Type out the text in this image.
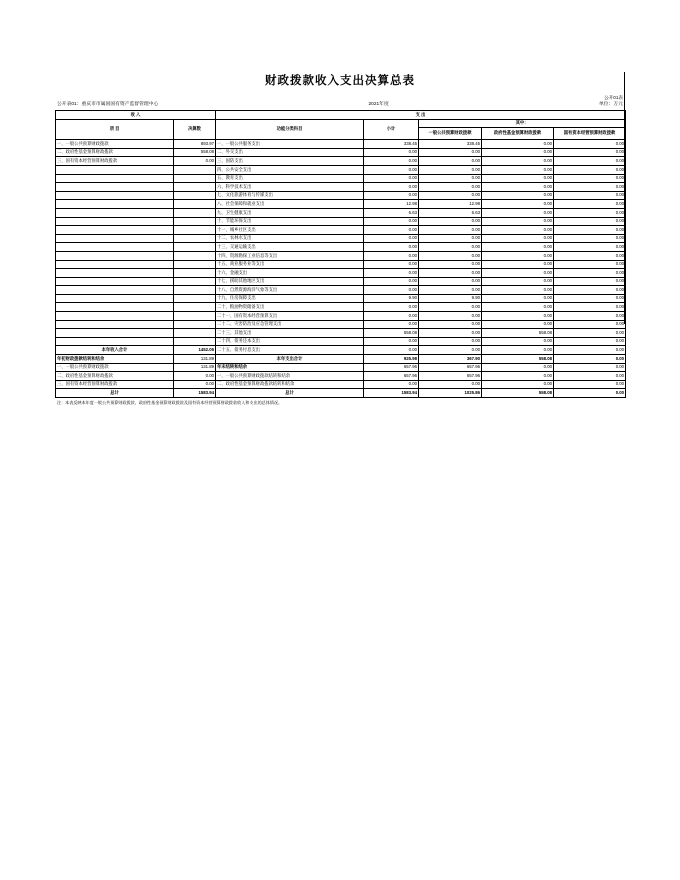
财政拨款收入支出决算总表
公开01表
公开表01：重庆市市属国国有资产监督管理中心	2021年度	单位：万元
收 入		支 出				
项 目	决算数	功能分类科目	小计	其中：		
				一般公共预算财政拨款	政府性基金预算财政拨款	国有资本经营预算财政拨款
一、一般公共预算财政拨款	893.97	一、一般公共服务支出	338.45	338.45	0.00	0.00
二、政府性基金预算财政拨款	558.08	二、外交支出	0.00	0.00	0.00	0.00
三、国有资本经营预算财政拨款	0.00	三、国防支出	0.00	0.00	0.00	0.00
		四、公共安全支出	0.00	0.00	0.00	0.00
		五、教育支出	0.00	0.00	0.00	0.00
		六、科学技术支出	0.00	0.00	0.00	0.00
		七、文化旅游体育与传媒支出	0.00	0.00	0.00	0.00
		八、社会保障和就业支出	12.98	12.98	0.00	0.00
		九、卫生健康支出	6.63	6.63	0.00	0.00
		十、节能环保支出	0.00	0.00	0.00	0.00
		十一、城乡社区支出	0.00	0.00	0.00	0.00
		十二、农林水支出	0.00	0.00	0.00	0.00
		十三、交通运输支出	0.00	0.00	0.00	0.00
		十四、资源勘探工业信息等支出	0.00	0.00	0.00	0.00
		十五、商业服务业等支出	0.00	0.00	0.00	0.00
		十六、金融支出	0.00	0.00	0.00	0.00
		十七、援助其他地区支出	0.00	0.00	0.00	0.00
		十八、自然资源海洋气象等支出	0.00	0.00	0.00	0.00
		十九、住房保障支出	9.90	9.90	0.00	0.00
		二十、粮油物资储备支出	0.00	0.00	0.00	0.00
		二十一、国有资本经营预算支出	0.00	0.00	0.00	0.00
		二十二、灾害防治及应急管理支出	0.00	0.00	0.00	0.00
		二十三、其他支出	558.08	0.00	558.08	0.00
		二十四、债务还本支出	0.00	0.00	0.00	0.00
本年收入合计	1452.05	二十五、债务付息支出	0.00	0.00	0.00	0.00
年初财政拨款结转和结余	131.89	本年支出合计	925.98	367.90	558.08	0.00
一、一般公共预算财政拨款	131.89	年末结转和结余	657.96	657.96	0.00	0.00
二、政府性基金预算财政拨款	0.00	一、一般公共预算财政拨款结转和结余	657.96	657.96	0.00	0.00
三、国有资本经营预算财政拨款	0.00	二、政府性基金预算财政拨款结转和结余	0.00	0.00	0.00	0.00
总计	1583.94	总计	1583.94	1025.86	558.08	0.00
注：本表反映本年度一般公共预算财政拨款、政府性基金预算财政拨款及国有资本经营预算财政拨款收入和支出的总体情况。
